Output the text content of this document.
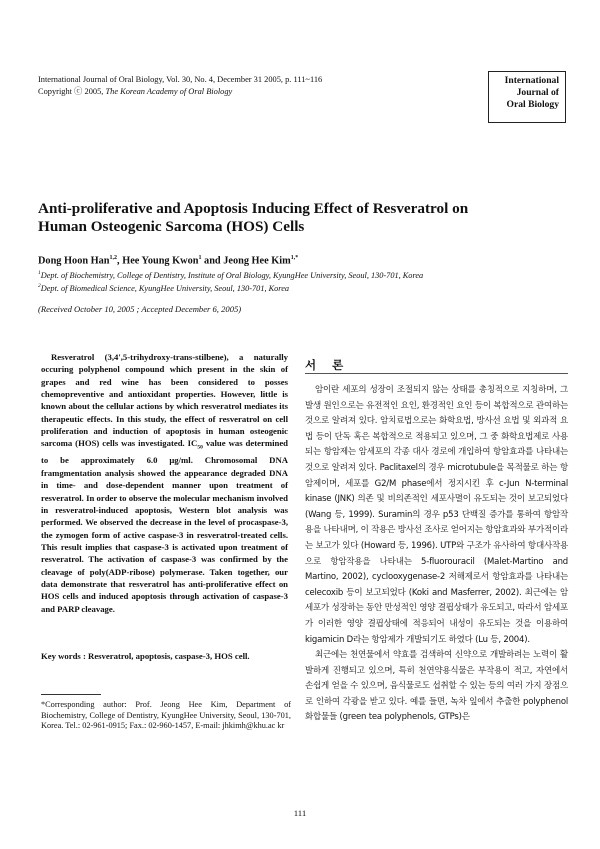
International Journal of Oral Biology, Vol. 30, No. 4, December 31 2005, p. 111~116
Copyright ⓒ 2005, The Korean Academy of Oral Biology
International
Journal of
Oral Biology
Anti-proliferative and Apoptosis Inducing Effect of Resveratrol on
Human Osteogenic Sarcoma (HOS) Cells
Dong Hoon Han$^{1,2}$, Hee Young Kwon$^1$ and Jeong Hee Kim$^{1,*}$
$^1$Dept. of Biochemistry, College of Dentistry, Institute of Oral Biology, KyungHee University, Seoul, 130-701, Korea
$^2$Dept. of Biomedical Science, KyungHee University, Seoul, 130-701, Korea
(Received October 10, 2005 ; Accepted December 6, 2005)
Resveratrol (3,4',5-trihydroxy-trans-stilbene), a naturally occuring polyphenol compound which present in the skin of grapes and red wine has been considered to posses chemopreventive and antioxidant properties. However, little is known about the cellular actions by which resveratrol mediates its therapeutic effects. In this study, the effect of resveratrol on cell proliferation and induction of apoptosis in human osteogenic sarcoma (HOS) cells was investigated. $IC_{50}$ value was determined to be approximately 6.0 μg/ml. Chromosomal DNA framgmentation analysis showed the appearance degraded DNA in time- and dose-dependent manner upon treatment of resveratrol. In order to observe the molecular mechanism involved in resveratrol-induced apoptosis, Western blot analysis was performed. We observed the decrease in the level of procaspase-3, the zymogen form of active caspase-3 in resveratrol-treated cells. This result implies that caspase-3 is activated upon treatment of resveratrol. The activation of caspase-3 was confirmed by the cleavage of poly(ADP-ribose) polymerase. Taken together, our data demonstrate that resveratrol has anti-proliferative effect on HOS cells and induced apoptosis through activation of caspase-3 and PARP cleavage.
Key words : Resveratrol, apoptosis, caspase-3, HOS cell.
*Corresponding author: Prof. Jeong Hee Kim, Department of Biochemistry, College of Dentistry, KyungHee University, Seoul, 130-701, Korea. Tel.: 02-961-0915; Fax.: 02-960-1457, E-mail: jhkimh@khu.ac kr
서 론

암이란 세포의 성장이 조절되지 않는 상태를 총칭적으로 지칭하며, 그 발생 원인으로는 유전적인 요인, 환경적인 요인 등이 복합적으로 관여하는 것으로 알려져 있다. 암치료법으로는 화학요법, 방사선 요법 및 외과적 요법 등이 단독 혹은 복합적으로 적용되고 있으며, 그 중 화학요법제로 사용되는 항암제는 암세포의 각종 대사 경로에 개입하여 항암효과를 나타내는 것으로 알려져 있다. Paclitaxel의 경우 microtubule을 목적물로 하는 항암제이며, 세포를 G2/M phase에서 정지시킨 후 c-Jun N-terminal kinase (JNK) 의존 및 비의존적인 세포사멸이 유도되는 것이 보고되었다 (Wang 등, 1999). Suramin의 경우 p53 단백질 증가를 통하여 항암작용을 나타내며, 이 작용은 방사선 조사로 얻어지는 항암효과와 부가적이라는 보고가 있다 (Howard 등, 1996). UTP와 구조가 유사하여 항대사작용으로 항암작용을 나타내는 5-fluorouracil (Malet-Martino and Martino, 2002), cyclooxygenase-2 저해제로서 항암효과를 나타내는 celecoxib 등이 보고되었다 (Koki and Masferrer, 2002). 최근에는 암세포가 성장하는 동안 만성적인 영양 결핍상태가 유도되고, 따라서 암세포가 이러한 영양 결핍상태에 적응되어 내성이 유도되는 것을 이용하여 kigamicin D라는 항암제가 개발되기도 하였다 (Lu 등, 2004).

최근에는 천연물에서 약효를 검색하여 신약으로 개발하려는 노력이 활발하게 진행되고 있으며, 특히 천연약용식물은 부작용이 적고, 자연에서 손쉽게 얻을 수 있으며, 음식물로도 섭취할 수 있는 등의 여러 가지 장점으로 인하여 각광을 받고 있다. 예를 들면, 녹차 잎에서 추출한 polyphenol 화합물들 (green tea polyphenols, GTPs)은

111
